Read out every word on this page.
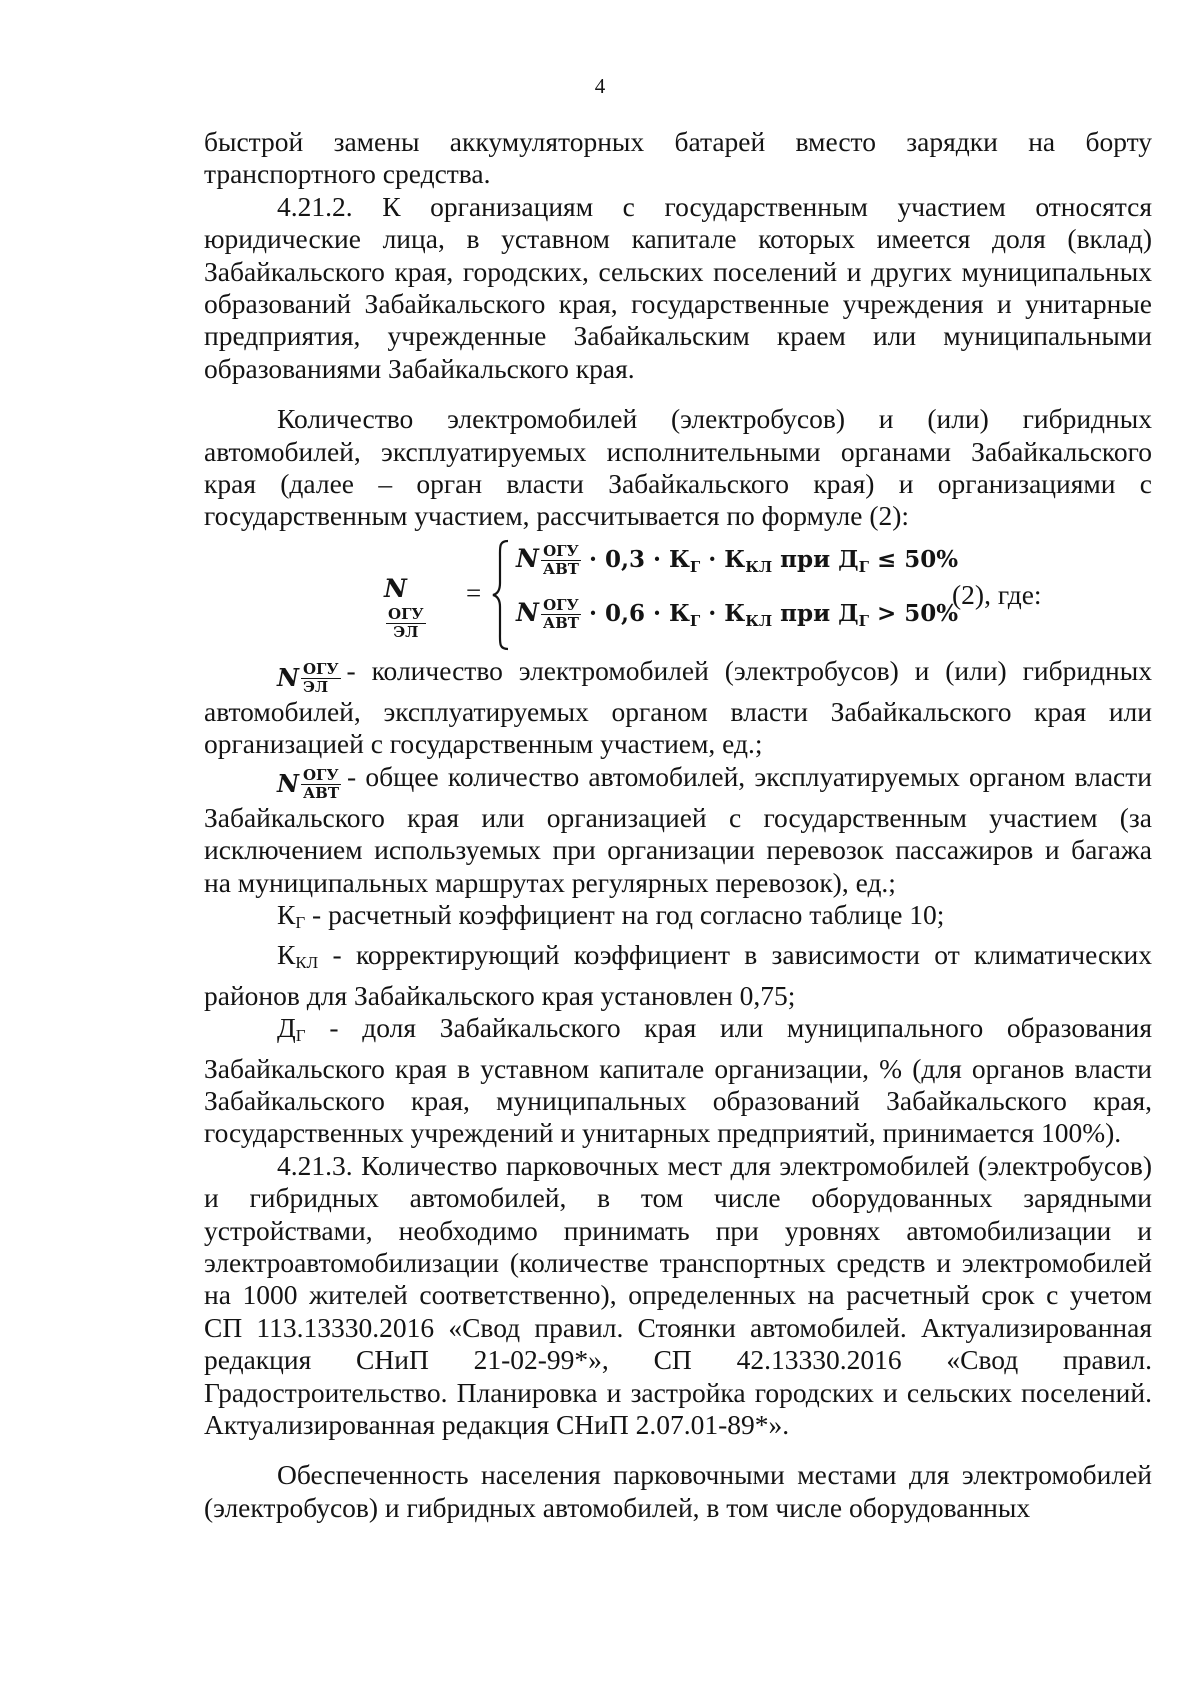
4

быстрой замены аккумуляторных батарей вместо зарядки на борту транспортного средства.

4.21.2. К организациям с государственным участием относятся юридические лица, в уставном капитале которых имеется доля (вклад) Забайкальского края, городских, сельских поселений и других муниципальных образований Забайкальского края, государственные учреждения и унитарные предприятия, учрежденные Забайкальским краем или муниципальными образованиями Забайкальского края.

Количество электромобилей (электробусов) и (или) гибридных автомобилей, эксплуатируемых исполнительными органами Забайкальского края (далее – орган власти Забайкальского края) и организациями с государственным участием, рассчитывается по формуле (2):

N
$\frac{\text{ОГУ}}{ЭЛ}$
=
N $\frac{\text{ОГУ}}{\text{АВТ}} \cdot 0,3 \cdot К_Г \cdot К_{КЛ}$ при $Д_Г \le 50\%$
N $\frac{\text{ОГУ}}{\text{АВТ}} \cdot 0,6 \cdot К_Г \cdot К_{КЛ}$ при $Д_Г > 50\%$
(2), где:

N $\frac{\text{ОГУ}}{ЭЛ}$ - количество электромобилей (электробусов) и (или) гибридных автомобилей, эксплуатируемых органом власти Забайкальского края или организацией с государственным участием, ед.;

N $\frac{\text{ОГУ}}{\text{АВТ}}$ - общее количество автомобилей, эксплуатируемых органом власти Забайкальского края или организацией с государственным участием (за исключением используемых при организации перевозок пассажиров и багажа на муниципальных маршрутах регулярных перевозок), ед.;

КГ - расчетный коэффициент на год согласно таблице 10;

ККЛ - корректирующий коэффициент в зависимости от климатических районов для Забайкальского края установлен 0,75;

ДГ - доля Забайкальского края или муниципального образования Забайкальского края в уставном капитале организации, % (для органов власти Забайкальского края, муниципальных образований Забайкальского края, государственных учреждений и унитарных предприятий, принимается 100%).

4.21.3. Количество парковочных мест для электромобилей (электробусов) и гибридных автомобилей, в том числе оборудованных зарядными устройствами, необходимо принимать при уровнях автомобилизации и электроавтомобилизации (количестве транспортных средств и электромобилей на 1000 жителей соответственно), определенных на расчетный срок с учетом СП 113.13330.2016 «Свод правил. Стоянки автомобилей. Актуализированная редакция СНиП 21-02-99*», СП 42.13330.2016 «Свод правил. Градостроительство. Планировка и застройка городских и сельских поселений. Актуализированная редакция СНиП 2.07.01-89*».

Обеспеченность населения парковочными местами для электромобилей (электробусов) и гибридных автомобилей, в том числе оборудованных
